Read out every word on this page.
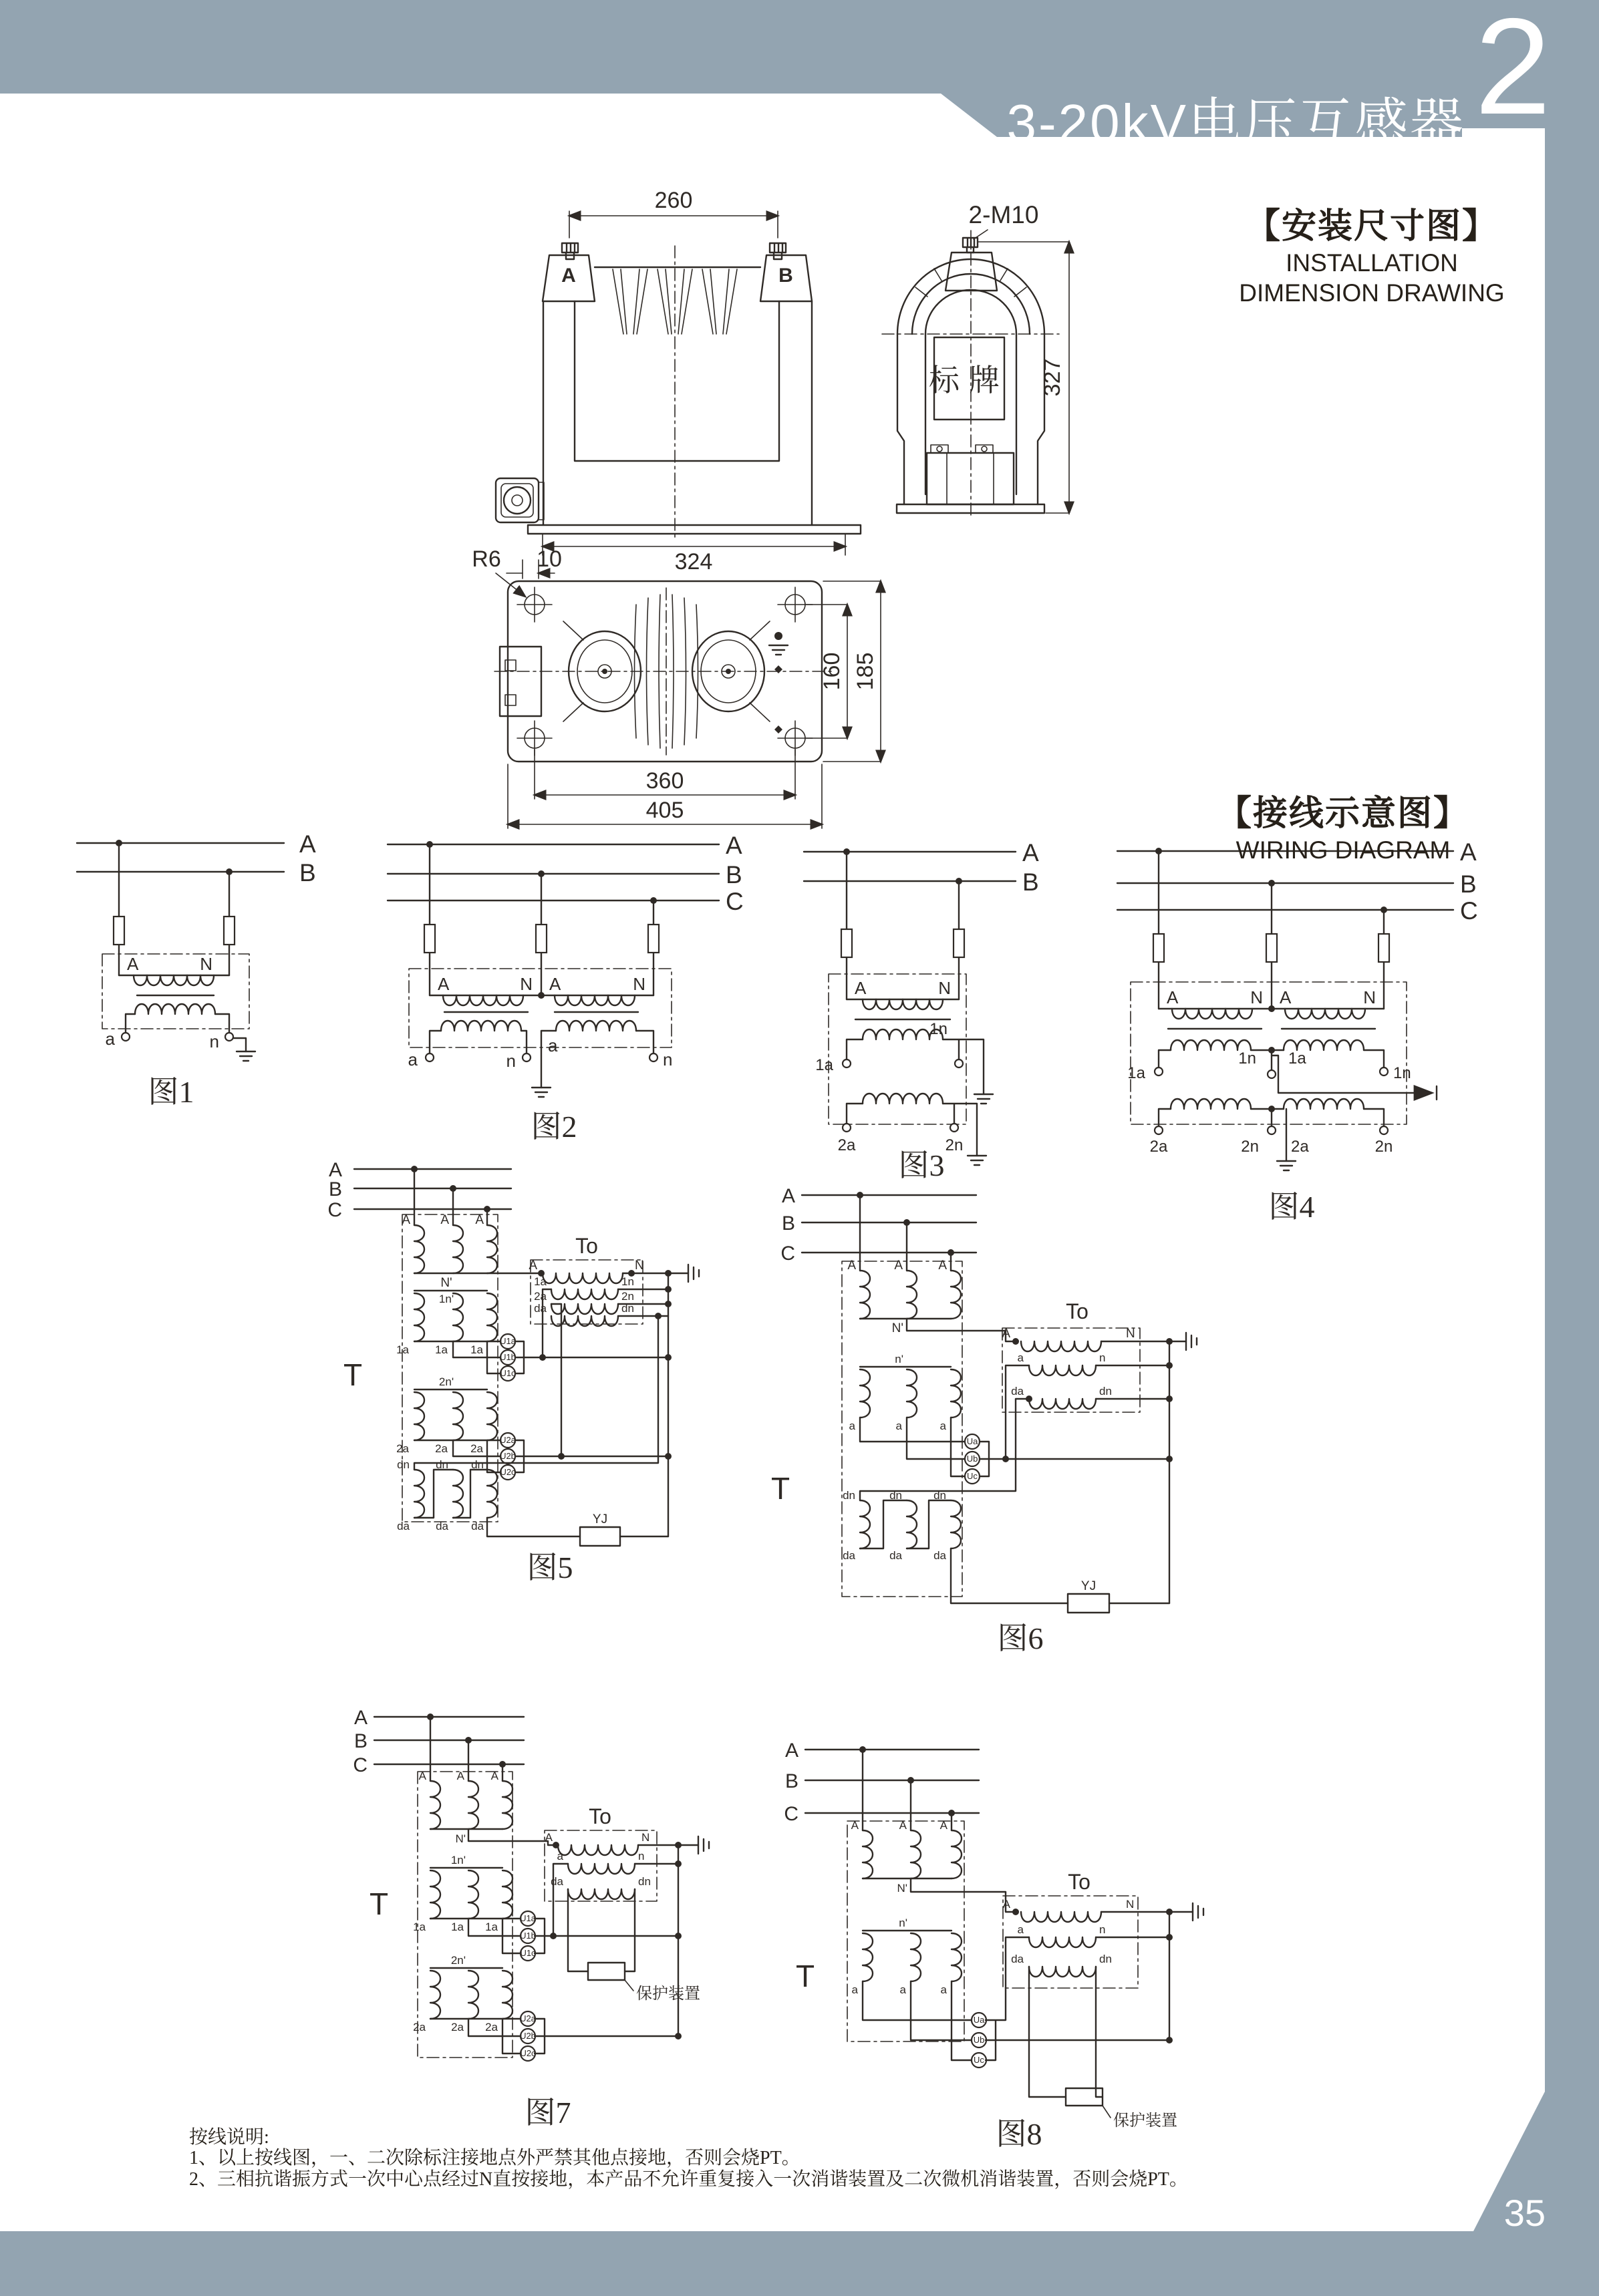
260
A	B
324
2-M10
标牌 327
R6 10
160 185
360
405
A
B
A	N
a	n
图1
A
B
C
A	N A	N
a	n
a
n
图2
A
B
A	N
1a
1n
2a	2n
图3
A
B
C
A	N A	N
1a
1n 1a
1n
2a	2n 2a	2n
图4
A
B
C
T
A A A
N'
To
A	N
1a	1n
2a	2n
da	dn
1n'
1a 1a 1a
U1a
U1b
U1c
2n'
2a 2a 2a
U2a
U2b
U2c
dn dn dn
da da da	YJ
图5
A
B
C
T
A	A	A
N'
To
A	N
a	n
da	dn
n'
a	a	a
Ua
Ub
Uc
dn	dn	dn
da	da	da
YJ
图6
A
B
C
T
A	A A
N'
To
A	N
a	n
da	dn
保护装置
1n'
1a 1a 1a
U1a
U1b
U1c
2n'
2a 2a 2a
U2a
U2b
U2c
图7
A
B
C
T
A	A	A
N'	To
A	N
a	n
da	dn
n'
a	a	a
Ua
Ub
Uc
保护装置
图8
3-20kV电压互感器 2
【安装尺寸图】
INSTALLATION
DIMENSION DRAWING
【接线示意图】
WIRING DIAGRAM
按线说明:
1、以上按线图，一、二次除标注接地点外严禁其他点接地，否则会烧PT。
2、三相抗谐振方式一次中心点经过N直按接地，本产品不允许重复接入一次消谐装置及二次微机消谐装置，否则会烧PT。
35
